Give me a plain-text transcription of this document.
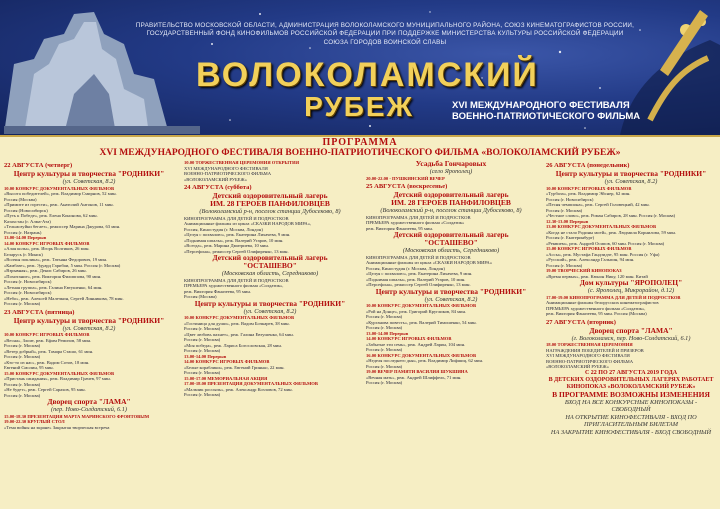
ПРАВИТЕЛЬСТВО МОСКОВСКОЙ ОБЛАСТИ, АДМИНИСТРАЦИЯ ВОЛОКОЛАМСКОГО МУНИЦИПАЛЬНОГО РАЙОНА, СОЮЗ КИНЕМАТОГРАФИСТОВ РОССИИ,
ГОСУДАРСТВЕННЫЙ ФОНД КИНОФИЛЬМОВ РОССИЙСКОЙ ФЕДЕРАЦИИ ПРИ ПОДДЕРЖКЕ МИНИСТЕРСТВА КУЛЬТУРЫ РОССИЙСКОЙ ФЕДЕРАЦИИ
СОЮЗА ГОРОДОВ ВОИНСКОЙ СЛАВЫ
ВОЛОКОЛАМСКИЙ
РУБЕЖ	XVI МЕЖДУНАРОДНОГО ФЕСТИВАЛЯ
ВОЕННО-ПАТРИОТИЧЕСКОГО ФИЛЬМА
ПРОГРАММА
XVI МЕЖДУНАРОДНОГО ФЕСТИВАЛЯ ВОЕННО-ПАТРИОТИЧЕСКОГО ФИЛЬМА «ВОЛОКОЛАМСКИЙ РУБЕЖ»

22 АВГУСТА (четверг)

Центр культуры и творчества "РОДНИКИ"

(ул. Советская, 8.2)

10.00 КОНКУРС ДОКУМЕНТАЛЬНЫХ ФИЛЬМОВ

«Высота победителей», реж. Владимир Смирнов, 52 мин.

Россия (Москва)

«Примите из горести», реж. Анатолий Антонов, 11 мин.

Россия (Новосибирск)

«Путь к Победе», реж. Елена Кононова, 62 мин.

Казахстан (г. Алма-Ата)

«Тельмозуйки бегает», режиссер Марина Джурова, 63 мин.

Россия (г. Назрань)

13.00-14.00 Перерыв

14.00 КОНКУРС ИГРОВЫХ ФИЛЬМОВ

«Алая колы», реж. Игорь Волгиков, 26 мин.

Беларусь (г. Минск)

«Волчья поклика», реж. Татьяна Федорович, 19 мин.

«Камбазе», реж. Эдуард Гарибаи, 5 мин. Россия (г. Москва)

«Взрывная», реж. Денис Сабиров, 26 мин.

«Похитание», реж. Виктория Филиппова, 90 мин.

Россия (г. Новосибирск)

«Летная группа», реж. Галина Евтушенко, 64 мин.

Россия (г. Новосибирск)

«Небо», реж. Алексей Малечкин, Сергей Линникова, 78 мин.

Россия (г. Москва)

23 АВГУСТА (пятница)

Центр культуры и творчества "РОДНИКИ"

(ул. Советская, 8.2)

10.00 КОНКУРС ИГРОВЫХ ФИЛЬМОВ

«Весна», Злоит, реж. Ефим Ремизов, 58 мин.

Россия (г. Москва)

«Ветер добрый», реж. Тамара Сташо, 61 мин.

Россия (г. Москва)

«Кто-то из нас», реж. Вадим Сотов, 18 мин.

Евгений Смолин, 95 мин.

15.00 КОНКУРС ДОКУМЕНТАЛЬНЫХ ФИЛЬМОВ

«Пристань ожидания», реж. Владимир Грачев, 97 мин.

Россия (г. Москва)

«Не будет», реж. Сергей Сарахов, 95 мин.

Россия (г. Москва)

Дворец спорта "ЛАМА"

(пер. Ново-Солдатский, 6.1)

15.00-18.30 ПРЕЗЕНТАЦИЯ МАРТА МАРИНСКОГО ФРОНТОВЫМ

19.00-22.30 КРУГЛЫЙ СТОЛ

«Тема войны на экране» Закрытая творческая встреча

10.00 ТОРЖЕСТВЕННАЯ ЦЕРЕМОНИЯ ОТКРЫТИЯ

XVI МЕЖДУНАРОДНОГО ФЕСТИВАЛЯ

ВОЕННО-ПАТРИОТИЧЕСКОГО ФИЛЬМА

«ВОЛОКОЛАМСКИЙ РУБЕЖ»

24 АВГУСТА (суббота)

Детский оздоровительный лагерь

ИМ. 28 ГЕРОЕВ ПАНФИЛОВЦЕВ

(Волоколамский р-н, поселок станции Дубосеково, 8)

КИНОПРОГРАММА ДЛЯ ДЕТЕЙ И ПОДРОСТКОВ

Анимационные фильмы из цикла «СКАЗКИ НАРОДОВ МИРА»,

Россия, Киностудия (г. Москва, Лондон)

«Целуя с похвалою», реж. Екатерина Лихачева, 9 мин.

«Поднимая шпалы», реж. Валерий Угаров, 10 мин.

«Всегда», реж. Марина Дмитриева, 10 мин.

«Персефона», режиссер Сергей Олифиренко, 13 мин.

Детский оздоровительный лагерь

"ОСТАШЕВО"

(Московская область, Середниково)

КИНОПРОГРАММА ДЛЯ ДЕТЕЙ И ПОДРОСТКОВ

ПРЕМЬЕРА художественного фильма «Солдатик»,

реж. Виктория Фаназеева, 95 мин.

Россия (Москва)

Центр культуры и творчества "РОДНИКИ"

(ул. Советская, 8.2)

10.00 КОНКУРС ДОКУМЕНТАЛЬНЫХ ФИЛЬМОВ

«Гостиница для души», реж. Вадим Бочкарев, 38 мин.

Россия (г. Москва)

«Цвет любовь пахнет», реж. Галина Евтушенко, 64 мин.

Россия (г. Москва)

«Моя победа», реж. Лариса Богословская, 28 мин.

Россия (г. Москва)

13.00-14.00 Перерыв

14.00 КОНКУРС ИГРОВЫХ ФИЛЬМОВ

«Белые кораблики», реж. Евгений Гринько, 22 мин.

Россия (г. Москва)

15.00-17.00 МЕМОРИАЛЬНАЯ АКЦИЯ

17.00-18.00 ПРЕЗЕНТАЦИЯ ДОКУМЕНТАЛЬНЫХ ФИЛЬМОВ

«Мальчик россыпь», реж. Александр Козловов, 72 мин.

Россия (г. Москва)

Усадьба Гончаровых

(село Ярополец)

20.00-22.00 - ПУШКИНСКИЙ ВЕЧЕР

25 АВГУСТА (воскресенье)

Детский оздоровительный лагерь

ИМ. 28 ГЕРОЕВ ПАНФИЛОВЦЕВ

(Волоколамский р-н, поселок станции Дубосеково, 8)

КИНОПРОГРАММА ДЛЯ ДЕТЕЙ И ПОДРОСТКОВ

ПРЕМЬЕРА художественного фильма «Солдатик»

реж. Виктория Фаназеева, 95 мин.

Детский оздоровительный лагерь

"ОСТАШЕВО"

(Московская область, Середниково)

КИНОПРОГРАММА ДЛЯ ДЕТЕЙ И ПОДРОСТКОВ

Анимационные фильмы из цикла «СКАЗКИ НАРОДОВ МИРА»

Россия, Киностудия (г. Москва, Лондон)

«Целуя с похвалою», реж. Екатерина Лихачева, 9 мин.

«Поднимая шпалы», реж. Валерий Угаров, 10 мин.

«Персефона», режиссер Сергей Олифиренко, 13 мин.

Центр культуры и творчества "РОДНИКИ"

(ул. Советская, 8.2)

10.00 КОНКУРС ДОКУМЕНТАЛЬНЫХ ФИЛЬМОВ

«Рой на Донце», реж. Григорий Кругликов, 84 мин.

Россия (г. Москва)

«Курганова повесть», реж. Валерий Тимошенко, 54 мин.

Россия (г. Москва)

13.00-14.00 Перерыв

14.00 КОНКУРС ИГРОВЫХ ФИЛЬМОВ

«Забытые эти семь», реж. Андрей Ларин, 104 мин.

Россия (г. Москва)

16.00 КОНКУРС ДОКУМЕНТАЛЬНЫХ ФИЛЬМОВ

«Неделя последнего дня», реж. Владимир Лифшиц, 62 мин.

Россия (г. Москва)

19.00 ВЕЧЕР ПАМЯТИ ВАСИЛИЯ ШУКШИНА

«Вечная мать», реж. Андрей Шлиффель, 71 мин.

Россия (г. Москва)

26 АВГУСТА (понедельник)

Центр культуры и творчества "РОДНИКИ"

(ул. Советская, 8.2)

10.00 КОНКУРС ИГРОВЫХ ФИЛЬМОВ

«Турбаза», реж. Владимир Эйснер, 62 мин.

Россия (г. Новосибирск)

«Песня чемпиона», реж. Сергей Головецкий, 42 мин.

Россия (г. Москва)

«Честное слово», реж. Роман Сабиров, 28 мин. Россия (г. Москва)

12.30-13.00 Перерыв

13.00 КОНКУРС ДОКУМЕНТАЛЬНЫХ ФИЛЬМОВ

«Когда не стало Родины моей», реж. Людмила Корнилова, 59 мин.

Россия (г. Екатеринбург)

«Реквием», реж. Андрей Осипов, 60 мин. Россия (г. Москва)

15.00 КОНКУРС ИГРОВЫХ ФИЛЬМОВ

«Ассы», реж. Мустафа Гандзидзе, 95 мин. Россия (г. Уфа)

«Русский», реж. Александр Гальпин, 94 мин.

Россия (г. Москва)

19.00 ТВОРЧЕСКИЙ КИНОПОКАЗ

«Время первых», реж. Кюнон Нику, 120 мин. Китай

Дом культуры "ЯРОПОЛЕЦ"

(с. Ярополец, Микрорайон, д.12)

17.00-19.00 КИНОПРОГРАММА ДЛЯ ДЕТЕЙ И ПОДРОСТКОВ

Анимационные фильмы белорусских кинематографистов

ПРЕМЬЕРА художественного фильма «Солдатик»,

реж. Виктория Фаназеева, 95 мин. Россия (Москва)

27 АВГУСТА (вторник)

Дворец спорта "ЛАМА"

(г. Волоколамск, пер. Ново-Солдатский, 6.1)

18.00 ТОРЖЕСТВЕННАЯ ЦЕРЕМОНИЯ

НАГРАЖДЕНИЯ ПОБЕДИТЕЛЕЙ И ПРИЗЕРОВ

XVI МЕЖДУНАРОДНОГО ФЕСТИВАЛЯ

ВОЕННО-ПАТРИОТИЧЕСКОГО ФИЛЬМА

«ВОЛОКОЛАМСКИЙ РУБЕЖ»

С 22 ПО 27 АВГУСТА 2019 ГОДА

В ДЕТСКИХ ОЗДОРОВИТЕЛЬНЫХ ЛАГЕРЯХ РАБОТАЕТ

КИНОПОКАЗ «ВОЛОКОЛАМСКИЙ РУБЕЖ»

В ПРОГРАММЕ ВОЗМОЖНЫ ИЗМЕНЕНИЯ

ВХОД НА ВСЕ КОНКУРСНЫЕ КИНОПОКАЗЫ - СВОБОДНЫЙ

НА ОТКРЫТИЕ КИНОФЕСТИВАЛЯ - ВХОД ПО ПРИГЛАСИТЕЛЬНЫМ БИЛЕТАМ

НА ЗАКРЫТИЕ КИНОФЕСТИВАЛЯ - ВХОД СВОБОДНЫЙ
